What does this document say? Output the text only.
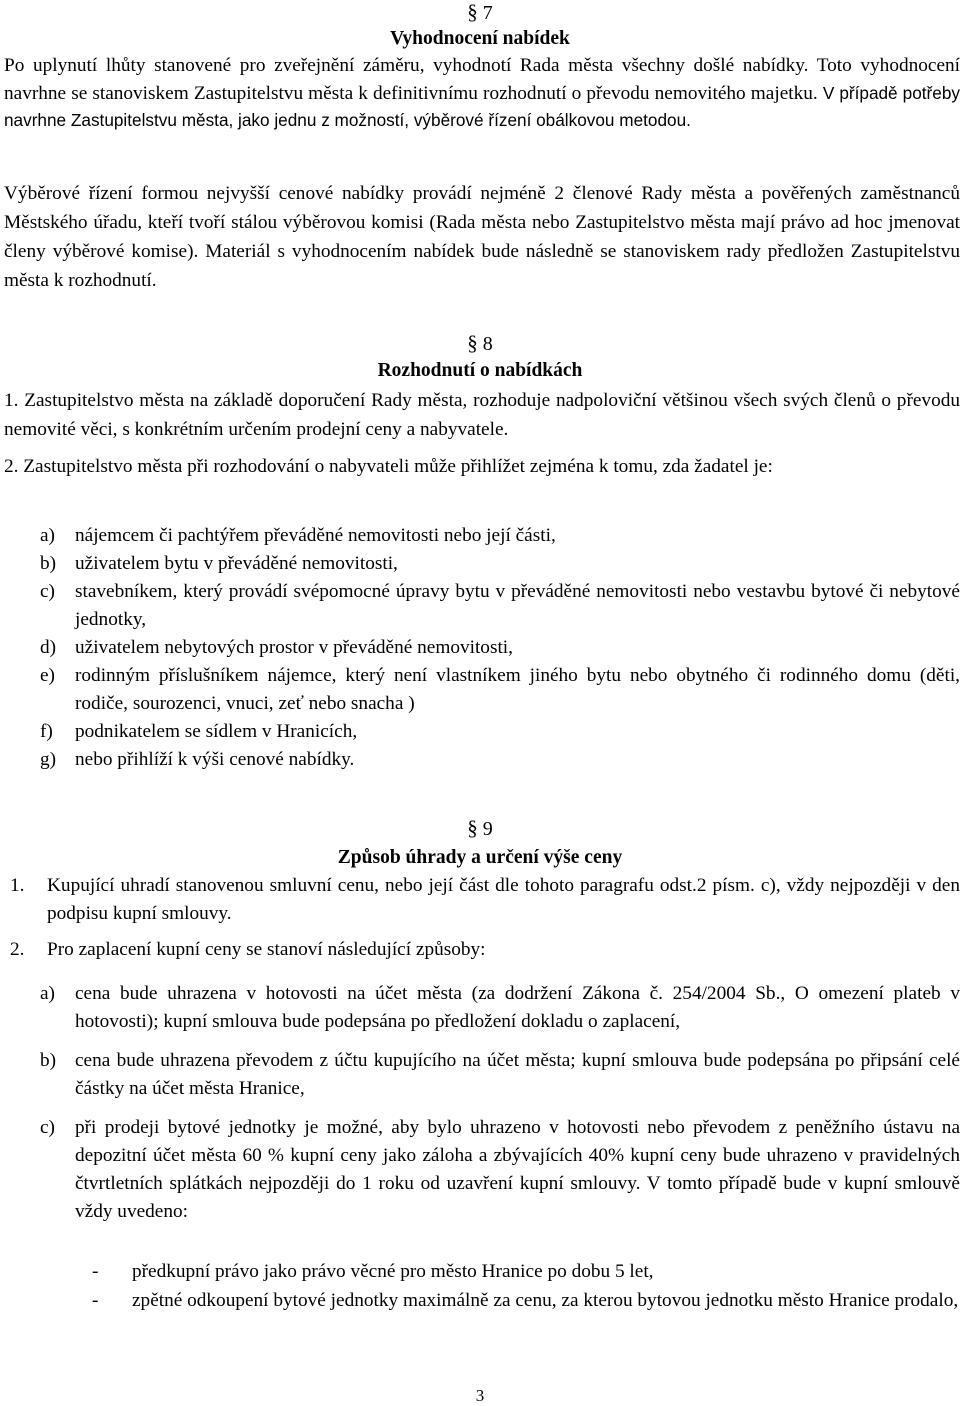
§ 7
Vyhodnocení nabídek

Po uplynutí lhůty stanovené pro zveřejnění záměru, vyhodnotí Rada města všechny došlé nabídky. Toto vyhodnocení navrhne se stanoviskem Zastupitelstvu města k definitivnímu rozhodnutí o převodu nemovitého majetku. V případě potřeby navrhne Zastupitelstvu města, jako jednu z možností, výběrové řízení obálkovou metodou.

Výběrové řízení formou nejvyšší cenové nabídky provádí nejméně 2 členové Rady města a pověřených zaměstnanců Městského úřadu, kteří tvoří stálou výběrovou komisi (Rada města nebo Zastupitelstvo města mají právo ad hoc jmenovat členy výběrové komise). Materiál s vyhodnocením nabídek bude následně se stanoviskem rady předložen Zastupitelstvu města k rozhodnutí.

§ 8
Rozhodnutí o nabídkách

1. Zastupitelstvo města na základě doporučení Rady města, rozhoduje nadpoloviční většinou všech svých členů o převodu nemovité věci, s konkrétním určením prodejní ceny a nabyvatele.

2. Zastupitelstvo města při rozhodování o nabyvateli může přihlížet zejména k tomu, zda žadatel je:

a) nájemcem či pachtýřem převáděné nemovitosti nebo její části,
b) uživatelem bytu v převáděné nemovitosti,
c) stavebníkem, který provádí svépomocné úpravy bytu v převáděné nemovitosti nebo vestavbu bytové či nebytové jednotky,
d) uživatelem nebytových prostor v převáděné nemovitosti,
e) rodinným příslušníkem nájemce, který není vlastníkem jiného bytu nebo obytného či rodinného domu (děti, rodiče, sourozenci, vnuci, zeť nebo snacha )
f) podnikatelem se sídlem v Hranicích,
g) nebo přihlíží k výši cenové nabídky.
§ 9
Způsob úhrady a určení výše ceny
1. Kupující uhradí stanovenou smluvní cenu, nebo její část dle tohoto paragrafu odst.2 písm. c), vždy nejpozději v den podpisu kupní smlouvy.
2. Pro zaplacení kupní ceny se stanoví následující způsoby:
a) cena bude uhrazena v hotovosti na účet města (za dodržení Zákona č. 254/2004 Sb., O omezení plateb v hotovosti); kupní smlouva bude podepsána po předložení dokladu o zaplacení,
b) cena bude uhrazena převodem z účtu kupujícího na účet města; kupní smlouva bude podepsána po připsání celé částky na účet města Hranice,
c) při prodeji bytové jednotky je možné, aby bylo uhrazeno v hotovosti nebo převodem z peněžního ústavu na depozitní účet města 60 % kupní ceny jako záloha a zbývajících 40% kupní ceny bude uhrazeno v pravidelných čtvrtletních splátkách nejpozději do 1 roku od uzavření kupní smlouvy. V tomto případě bude v kupní smlouvě vždy uvedeno:
- předkupní právo jako právo věcné pro město Hranice po dobu 5 let,
- zpětné odkoupení bytové jednotky maximálně za cenu, za kterou bytovou jednotku město Hranice prodalo,
3
